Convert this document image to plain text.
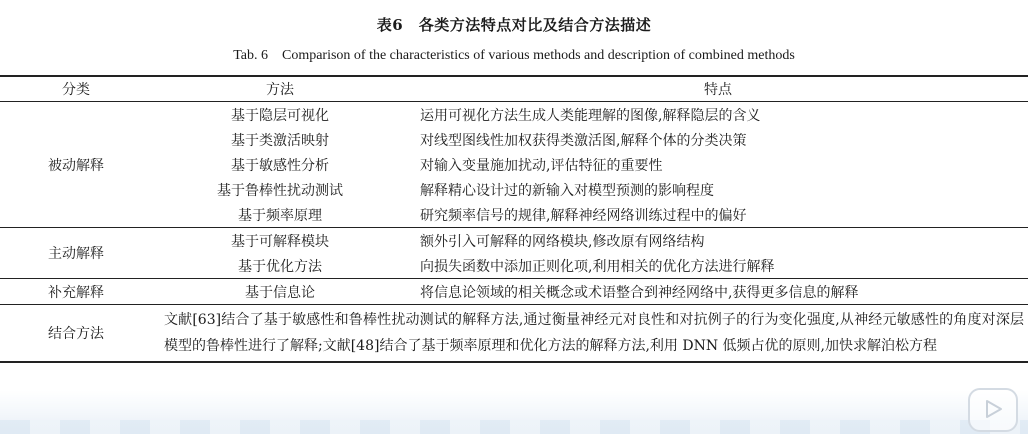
表6　各类方法特点对比及结合方法描述
Tab. 6　Comparison of the characteristics of various methods and description of combined methods
分类	方法	特点
被动解释	基于隐层可视化	运用可视化方法生成人类能理解的图像,解释隐层的含义
	基于类激活映射	对线型图线性加权获得类激活图,解释个体的分类决策
	基于敏感性分析	对输入变量施加扰动,评估特征的重要性
	基于鲁棒性扰动测试	解释精心设计过的新输入对模型预测的影响程度
	基于频率原理	研究频率信号的规律,解释神经网络训练过程中的偏好
主动解释	基于可解释模块	额外引入可解释的网络模块,修改原有网络结构
	基于优化方法	向损失函数中添加正则化项,利用相关的优化方法进行解释
补充解释	基于信息论	将信息论领域的相关概念或术语整合到神经网络中,获得更多信息的解释
结合方法	文献[63]结合了基于敏感性和鲁棒性扰动测试的解释方法,通过衡量神经元对良性和对抗例子的行为变化强度,从神经元敏感性的角度对深层模型的鲁棒性进行了解释;文献[48]结合了基于频率原理和优化方法的解释方法,利用 DNN 低频占优的原则,加快求解泊松方程	
